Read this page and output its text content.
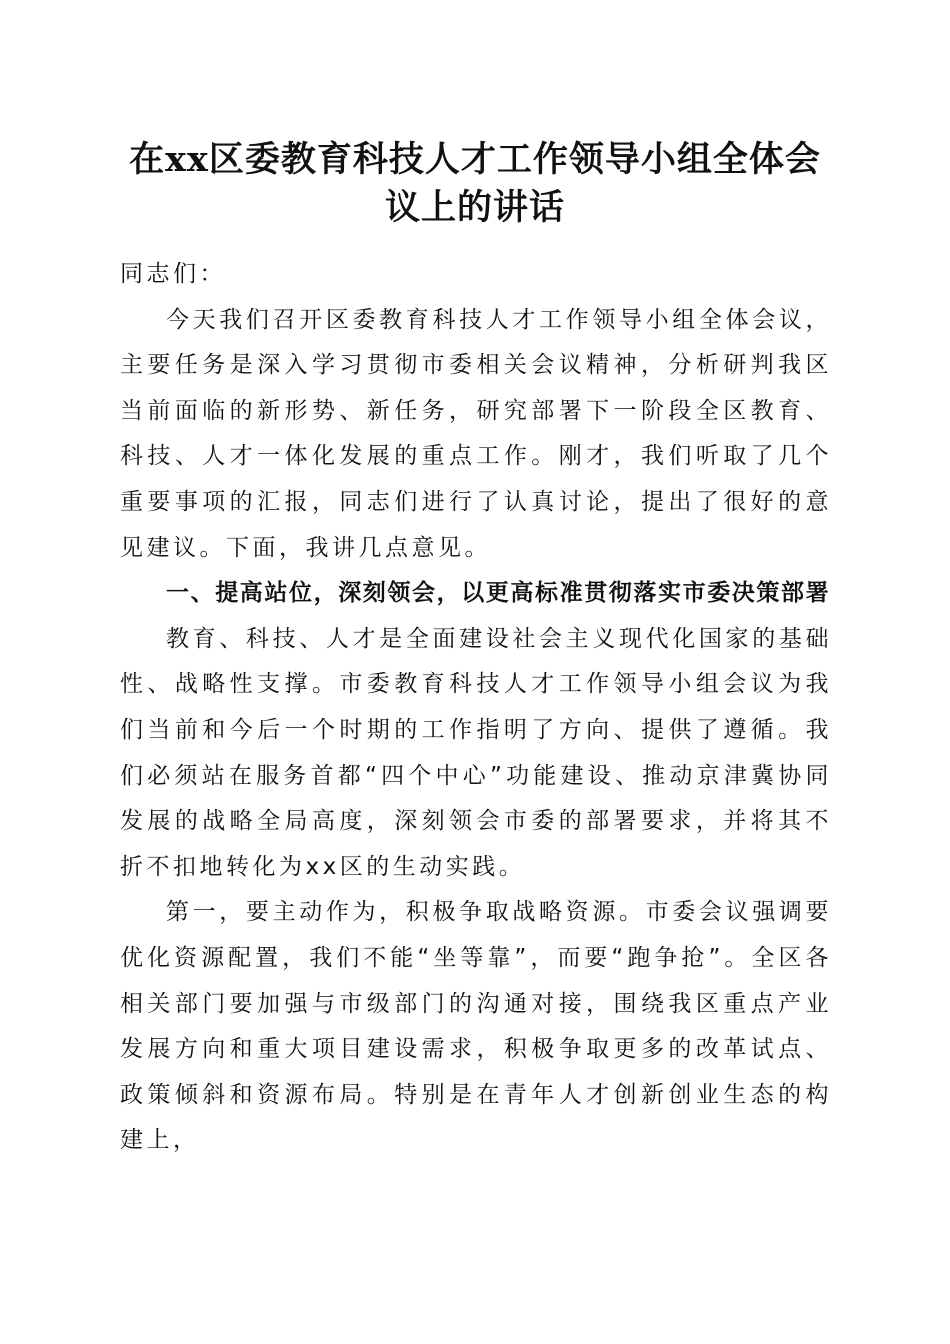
在xx区委教育科技人才工作领导小组全体会
议上的讲话

同志们：

今天我们召开区委教育科技人才工作领导小组全体会议，主要任务是深入学习贯彻市委相关会议精神，分析研判我区当前面临的新形势、新任务，研究部署下一阶段全区教育、科技、人才一体化发展的重点工作。刚才，我们听取了几个重要事项的汇报，同志们进行了认真讨论，提出了很好的意见建议。下面，我讲几点意见。

一、提高站位，深刻领会，以更高标准贯彻落实市委决策部署

教育、科技、人才是全面建设社会主义现代化国家的基础性、战略性支撑。市委教育科技人才工作领导小组会议为我们当前和今后一个时期的工作指明了方向、提供了遵循。我们必须站在服务首都“四个中心”功能建设、推动京津冀协同发展的战略全局高度，深刻领会市委的部署要求，并将其不折不扣地转化为xx区的生动实践。

第一，要主动作为，积极争取战略资源。市委会议强调要优化资源配置，我们不能“坐等靠”，而要“跑争抢”。全区各相关部门要加强与市级部门的沟通对接，围绕我区重点产业发展方向和重大项目建设需求，积极争取更多的改革试点、政策倾斜和资源布局。特别是在青年人才创新创业生态的构建上，
